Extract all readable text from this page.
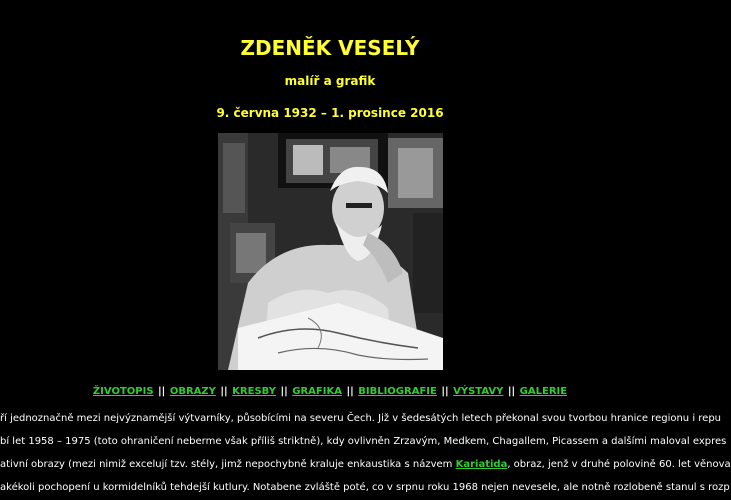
ZDENĚK VESELÝ
malíř a grafik
9. června 1932 – 1. prosince 2016
ŽIVOTOPIS || OBRAZY || KRESBY || GRAFIKA || BIBLIOGRAFIE || VÝSTAVY || GALERIE
ří jednoznačně mezi nejvýznamější výtvarníky, působícími na severu Čech. Již v šedesátých letech překonal svou tvorbou hranice regionu i repu
bí let 1958 – 1975 (toto ohraničení neberme však příliš striktně), kdy ovlivněn Zrzavým, Medkem, Chagallem, Picassem a dalšími maloval expres
ativní obrazy (mezi nimiž excelují tzv. stély, jimž nepochybně kraluje enkaustika s názvem Kariatida, obraz, jenž v druhé polovině 60. let věnova
akékoli pochopení u kormidelníků tehdejší kutlury. Notabene zvláště poté, co v srpnu roku 1968 nejen nevesele, ale notně rozlobeně stanul s rozp
